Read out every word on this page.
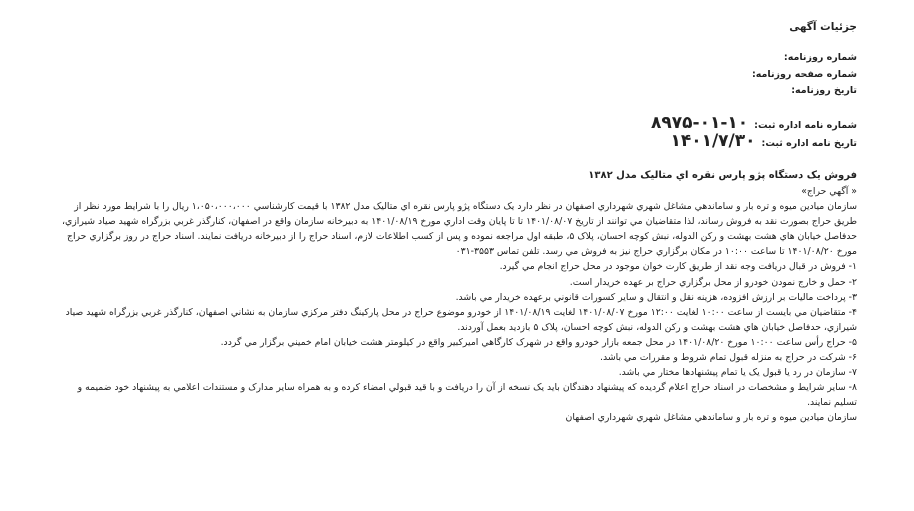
جزئیات آگهی
شماره روزنامه:
شماره صفحه روزنامه:
تاریخ روزنامه:
شماره نامه اداره ثبت:
۸۹۷۵-۰۱-۱۰
تاریخ نامه اداره ثبت:
۱۴۰۱/۷/۳۰
فروش یک دستگاه پژو پارس نقره اي متاليک مدل ۱۳۸۲

« آگهي حراج»

سازمان ميادين ميوه و تره بار و ساماندهي مشاغل شهري شهرداري اصفهان در نظر دارد يک دستگاه پژو پارس نقره اي متاليک مدل ۱۳۸۲ با قيمت کارشناسي ۱،۰۵۰،۰۰۰،۰۰۰ ريال را با شرايط مورد نظر از طريق حراج بصورت نقد به فروش رساند، لذا متقاضيان مي توانند از تاريخ ۱۴۰۱/۰۸/۰۷ تا تا پايان وقت اداري مورخ ۱۴۰۱/۰۸/۱۹ به دبيرخانه سازمان واقع در اصفهان، کنارگذر غربي بزرگراه شهيد صياد شيرازي، حدفاصل خيابان هاي هشت بهشت و رکن الدوله، نبش کوچه احسان، پلاک ۵، طبقه اول مراجعه نموده و پس از کسب اطلاعات لازم، اسناد حراج را از دبيرخانه دريافت نمايند. اسناد حراج در روز برگزاري حراج مورخ ۱۴۰۱/۰۸/۲۰ تا ساعت ۱۰:۰۰ در مکان برگزاري حراج نيز به فروش مي رسد. تلفن تماس ۳۵۵۳-۰۳۱

۱- فروش در قبال دريافت وجه نقد از طريق کارت خوان موجود در محل حراج انجام مي گيرد.

۲- حمل و خارج نمودن خودرو از محل برگزاري حراج بر عهده خريدار است.

۳- پرداخت ماليات بر ارزش افزوده، هزينه نقل و انتقال و ساير کسورات قانوني برعهده خريدار مي باشد.

۴- متقاضيان مي بايست از ساعت ۱۰:۰۰ لغايت ۱۲:۰۰ مورخ ۱۴۰۱/۰۸/۰۷ لغايت ۱۴۰۱/۰۸/۱۹ از خودرو موضوع حراج در محل پارکينگ دفتر مرکزي سازمان به نشاني اصفهان، کنارگذر غربي بزرگراه شهيد صياد شيرازي، حدفاصل خيابان هاي هشت بهشت و رکن الدوله، نبش کوچه احسان، پلاک ۵ بازديد بعمل آوردند.

۵- حراج رأس ساعت ۱۰:۰۰ مورخ ۱۴۰۱/۰۸/۲۰ در محل جمعه بازار خودرو واقع در شهرک کارگاهي اميرکبير واقع در کيلومتر هشت خيابان امام خميني برگزار مي گردد.

۶- شرکت در حراج به منزله قبول تمام شروط و مقررات مي باشد.

۷- سازمان در رد يا قبول يک يا تمام پيشنهادها مختار مي باشد.

۸- ساير شرايط و مشخصات در اسناد حراج اعلام گرديده که پيشنهاد دهندگان بايد يک نسخه از آن را دريافت و با قيد قبولي امضاء کرده و به همراه ساير مدارک و مستندات اعلامي به پيشنهاد خود ضميمه و تسليم نمايند.

سازمان ميادين ميوه و تره بار و ساماندهي مشاغل شهري شهرداري اصفهان
